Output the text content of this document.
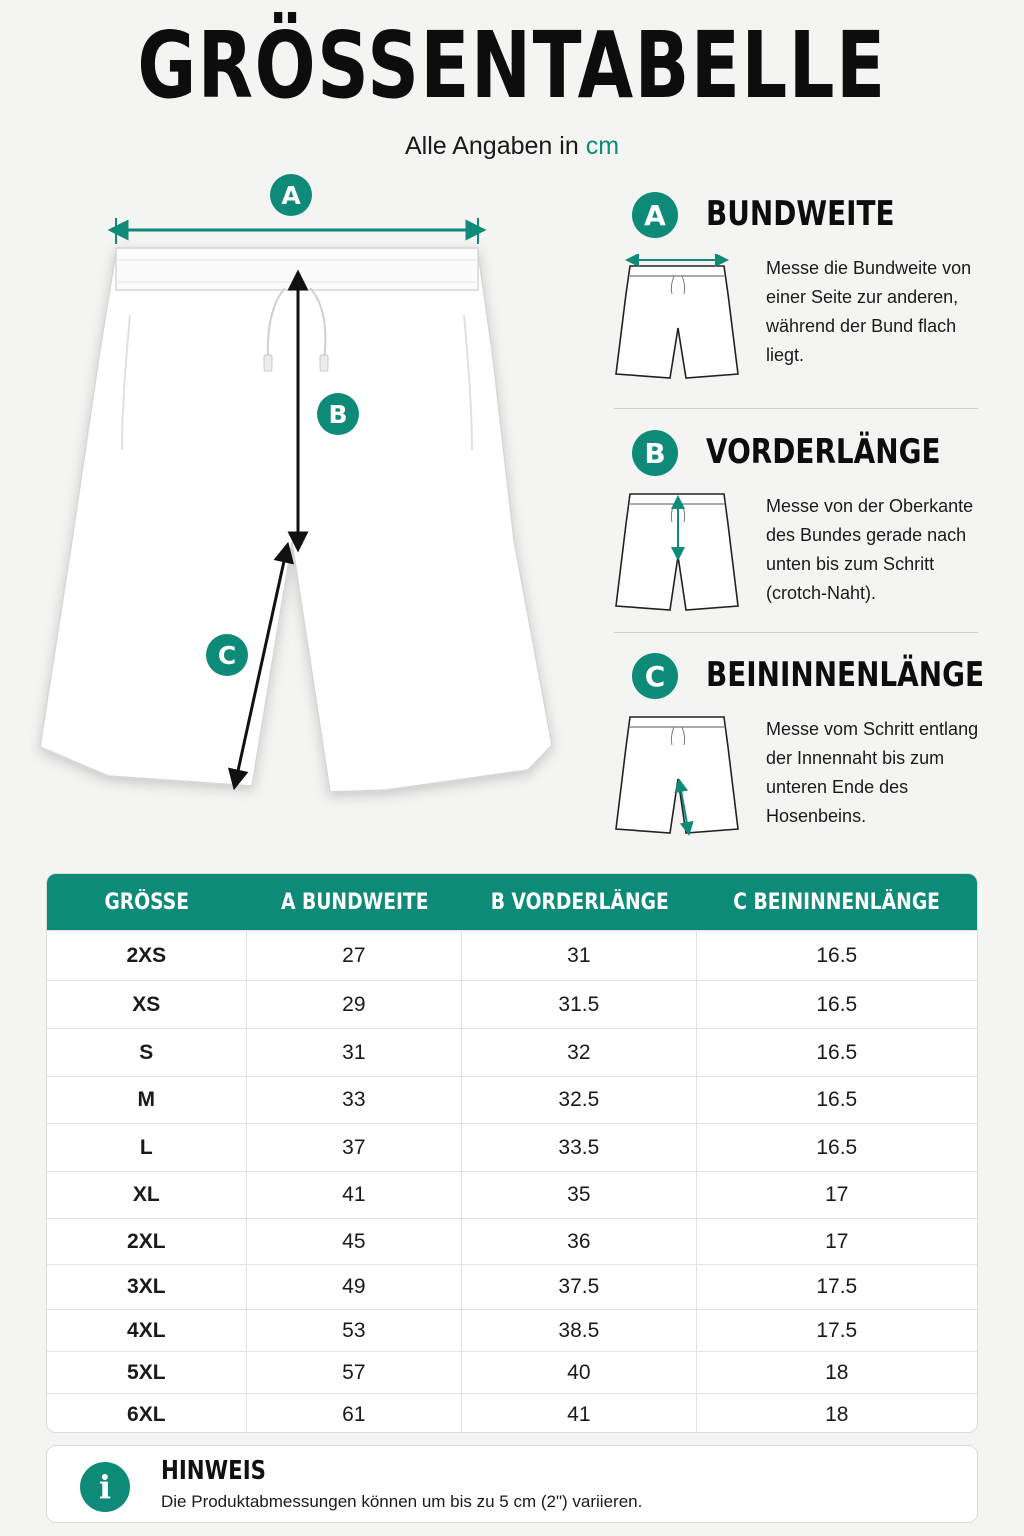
GRÖSSENTABELLE
Alle Angaben in cm
A
B
C
A	BUNDWEITE
Messe die Bundweite von einer Seite zur anderen, während der Bund flach liegt.
B	VORDERLÄNGE
Messe von der Oberkante des Bundes gerade nach unten bis zum Schritt (crotch-Naht).
C	BEININNENLÄNGE
Messe vom Schritt entlang der Innennaht bis zum unteren Ende des Hosenbeins.
GRÖSSE	A BUNDWEITE	B VORDERLÄNGE	C BEININNENLÄNGE
2XS	27	31	16.5
XS	29	31.5	16.5
S	31	32	16.5
M	33	32.5	16.5
L	37	33.5	16.5
XL	41	35	17
2XL	45	36	17
3XL	49	37.5	17.5
4XL	53	38.5	17.5
5XL	57	40	18
6XL	61	41	18
i	HINWEIS
Die Produktabmessungen können um bis zu 5 cm (2") variieren.
